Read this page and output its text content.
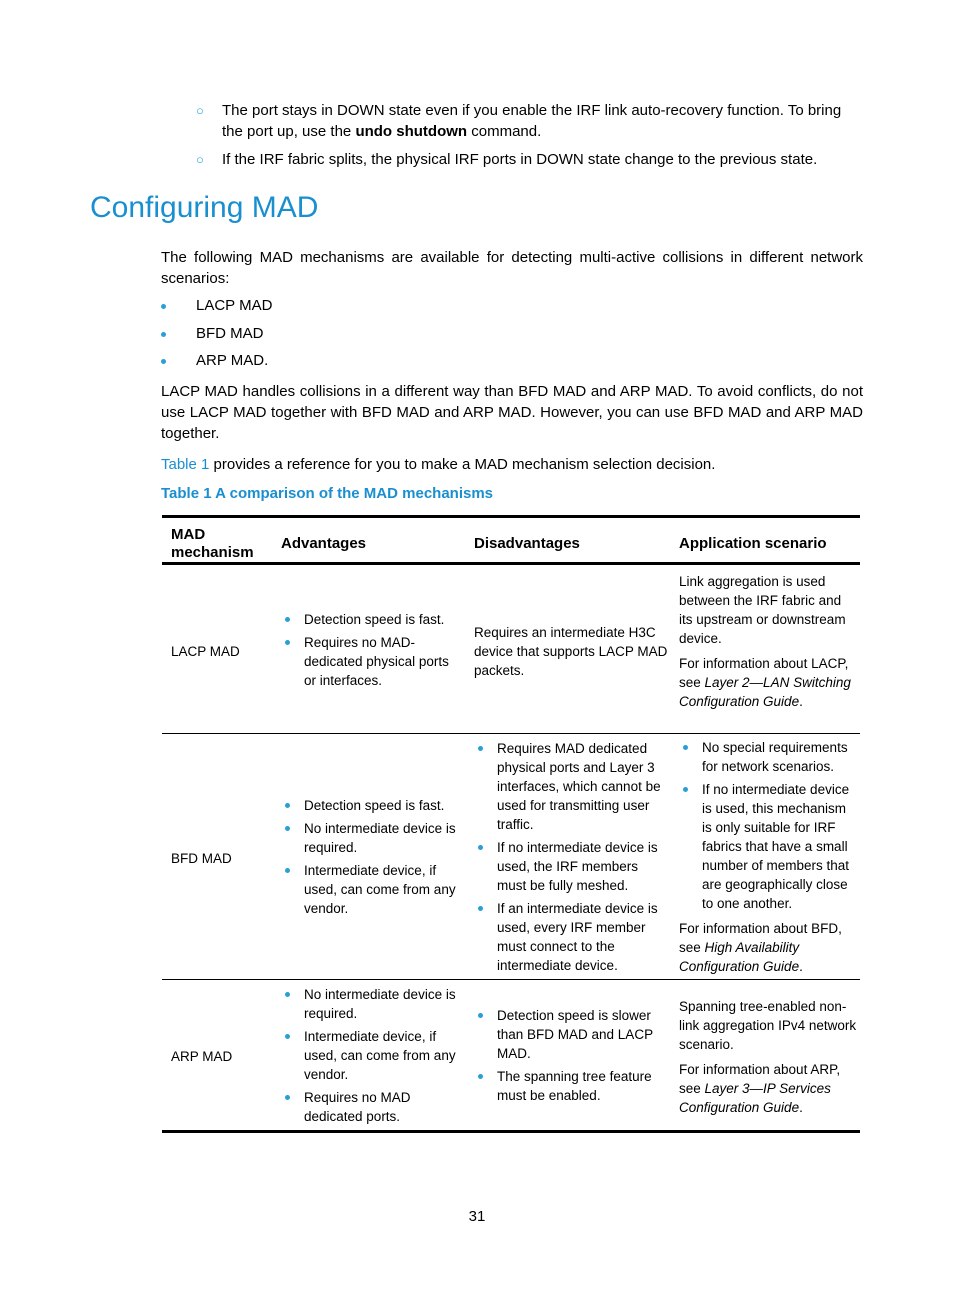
○ The port stays in DOWN state even if you enable the IRF link auto-recovery function. To bring the port up, use the undo shutdown command.
○ If the IRF fabric splits, the physical IRF ports in DOWN state change to the previous state.
Configuring MAD

The following MAD mechanisms are available for detecting multi-active collisions in different network scenarios:

LACP MAD
BFD MAD
ARP MAD.

LACP MAD handles collisions in a different way than BFD MAD and ARP MAD. To avoid conflicts, do not use LACP MAD together with BFD MAD and ARP MAD. However, you can use BFD MAD and ARP MAD together.

Table 1 provides a reference for you to make a MAD mechanism selection decision.

Table 1 A comparison of the MAD mechanisms

MAD mechanism
Advantages	Disadvantages	Application scenario
LACP MAD
Detection speed is fast.
Requires no MAD-dedicated physical ports or interfaces.
Requires an intermediate H3C device that supports LACP MAD packets.

Link aggregation is used between the IRF fabric and its upstream or downstream device.

For information about LACP, see Layer 2—LAN Switching Configuration Guide.

BFD MAD
Detection speed is fast.
No intermediate device is required.
Intermediate device, if used, can come from any vendor.
Requires MAD dedicated physical ports and Layer 3 interfaces, which cannot be used for transmitting user traffic.
If no intermediate device is used, the IRF members must be fully meshed.
If an intermediate device is used, every IRF member must connect to the intermediate device.
No special requirements for network scenarios.
If no intermediate device is used, this mechanism is only suitable for IRF fabrics that have a small number of members that are geographically close to one another.

For information about BFD, see High Availability Configuration Guide.

ARP MAD
No intermediate device is required.
Intermediate device, if used, can come from any vendor.
Requires no MAD dedicated ports.
Detection speed is slower than BFD MAD and LACP MAD.
The spanning tree feature must be enabled.

Spanning tree-enabled non-link aggregation IPv4 network scenario.

For information about ARP, see Layer 3—IP Services Configuration Guide.

31
